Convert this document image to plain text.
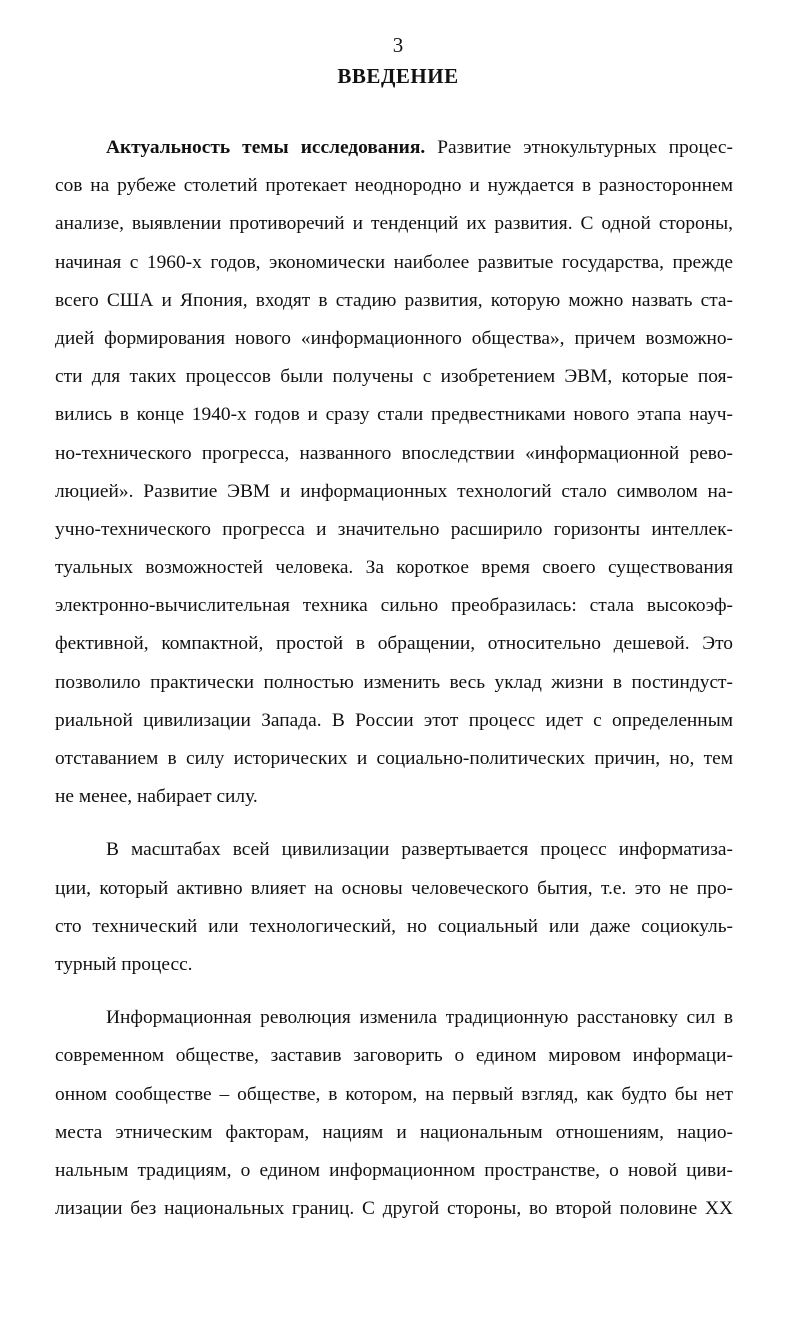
3
ВВЕДЕНИЕ
Актуальность темы исследования. Развитие этнокультурных процес-
сов на рубеже столетий протекает неоднородно и нуждается в разностороннем
анализе, выявлении противоречий и тенденций их развития. С одной стороны,
начиная с 1960-х годов, экономически наиболее развитые государства, прежде
всего США и Япония, входят в стадию развития, которую можно назвать ста-
дией формирования нового «информационного общества», причем возможно-
сти для таких процессов были получены с изобретением ЭВМ, которые поя-
вились в конце 1940-х годов и сразу стали предвестниками нового этапа науч-
но-технического прогресса, названного впоследствии «информационной рево-
люцией». Развитие ЭВМ и информационных технологий стало символом на-
учно-технического прогресса и значительно расширило горизонты интеллек-
туальных возможностей человека. За короткое время своего существования
электронно-вычислительная техника сильно преобразилась: стала высокоэф-
фективной, компактной, простой в обращении, относительно дешевой. Это
позволило практически полностью изменить весь уклад жизни в постиндуст-
риальной цивилизации Запада. В России этот процесс идет с определенным
отставанием в силу исторических и социально-политических причин, но, тем
не менее, набирает силу.
В масштабах всей цивилизации развертывается процесс информатиза-
ции, который активно влияет на основы человеческого бытия, т.е. это не про-
сто технический или технологический, но социальный или даже социокуль-
турный процесс.
Информационная революция изменила традиционную расстановку сил в
современном обществе, заставив заговорить о едином мировом информаци-
онном сообществе – обществе, в котором, на первый взгляд, как будто бы нет
места этническим факторам, нациям и национальным отношениям, нацио-
нальным традициям, о едином информационном пространстве, о новой циви-
лизации без национальных границ. С другой стороны, во второй половине XX
